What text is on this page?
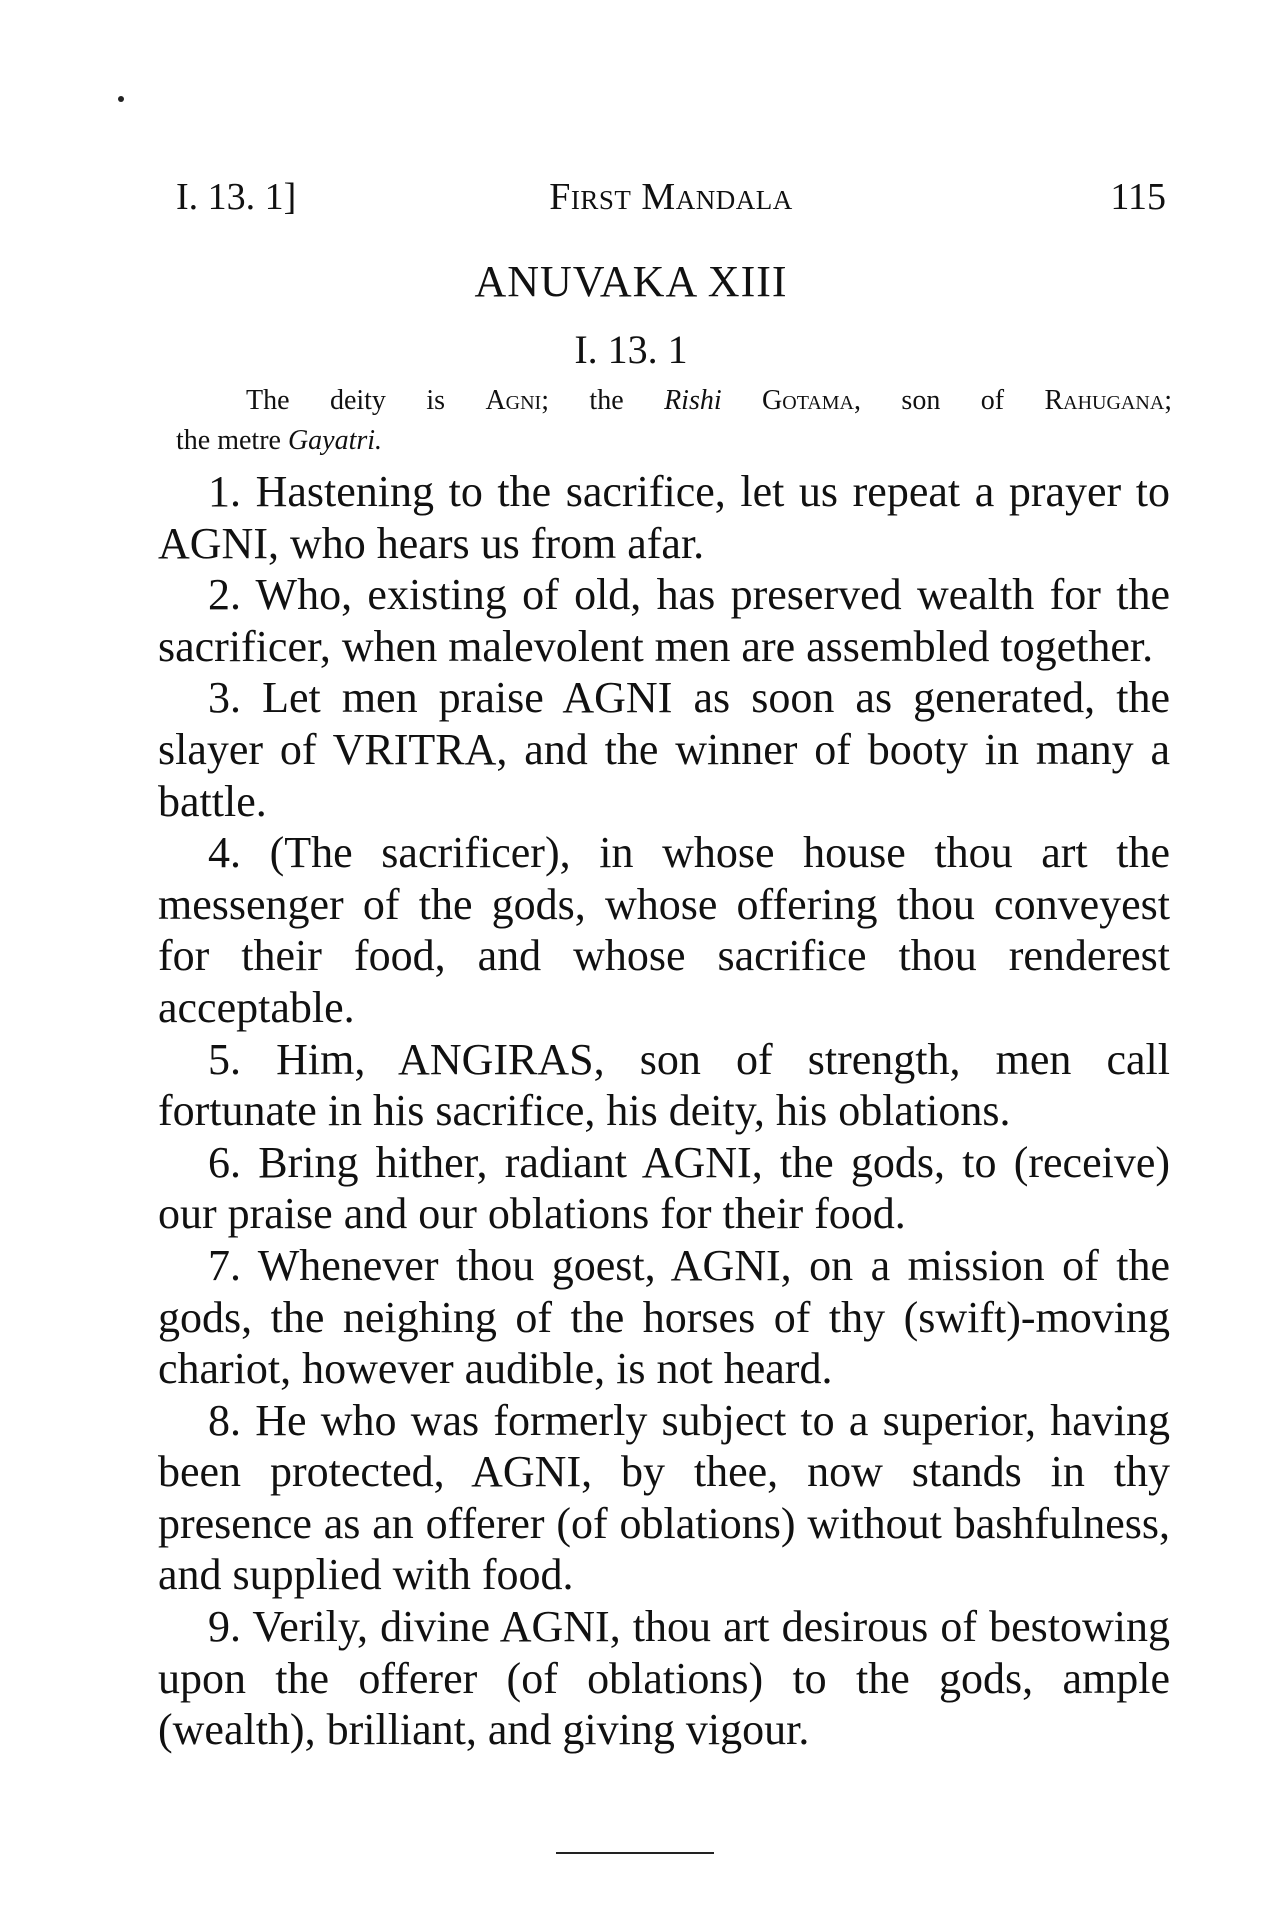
I. 13. 1]	First Mandala	115
ANUVAKA XIII
I. 13. 1
The deity is Agni; the Rishi Gotama, son of Rahugana;
the metre Gayatri.

1. Hastening to the sacrifice, let us repeat a prayer to AGNI, who hears us from afar.

2. Who, existing of old, has preserved wealth for the sacrificer, when malevolent men are assembled together.

3. Let men praise AGNI as soon as generated, the slayer of VRITRA, and the winner of booty in many a battle.

4. (The sacrificer), in whose house thou art the messenger of the gods, whose offering thou conveyest for their food, and whose sacrifice thou renderest acceptable.

5. Him, ANGIRAS, son of strength, men call fortunate in his sacrifice, his deity, his oblations.

6. Bring hither, radiant AGNI, the gods, to (receive) our praise and our oblations for their food.

7. Whenever thou goest, AGNI, on a mission of the gods, the neighing of the horses of thy (swift)-moving chariot, however audible, is not heard.

8. He who was formerly subject to a superior, having been protected, AGNI, by thee, now stands in thy presence as an offerer (of oblations) without bashfulness, and supplied with food.

9. Verily, divine AGNI, thou art desirous of bestowing upon the offerer (of oblations) to the gods, ample (wealth), brilliant, and giving vigour.
